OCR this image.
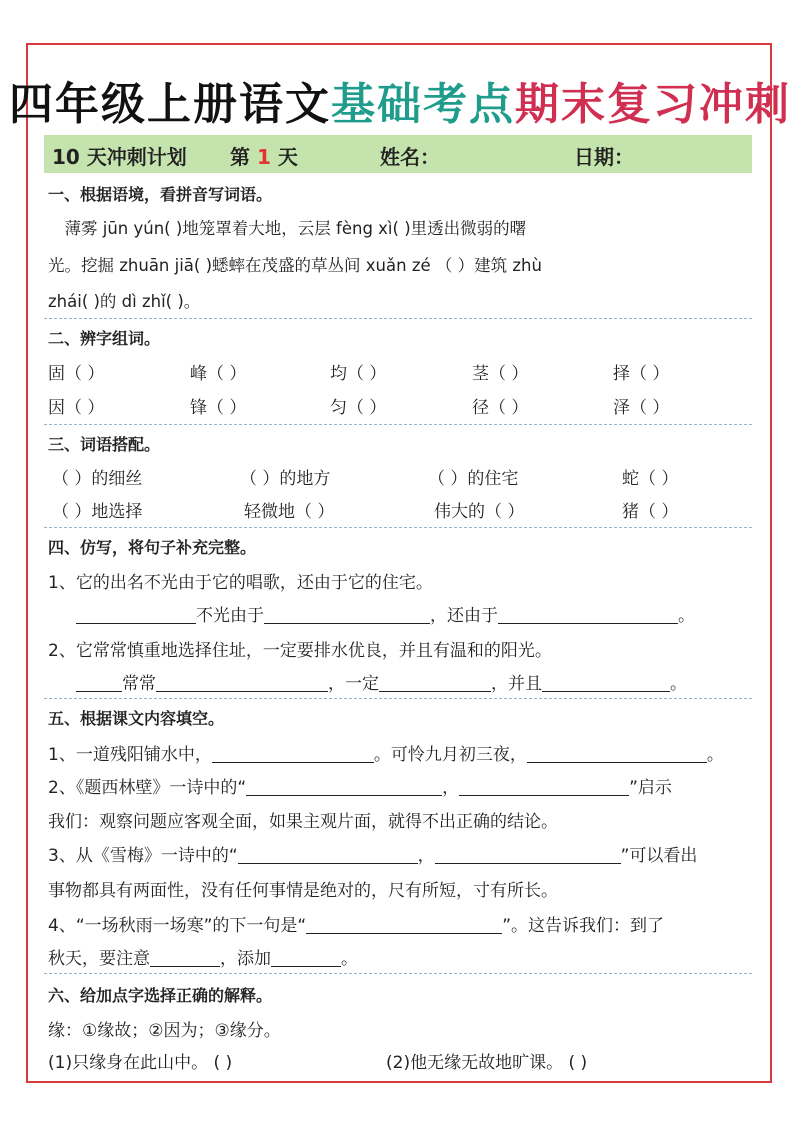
四年级上册语文基础考点期末复习冲刺
10 天冲刺计划 第 1 天	姓名：	日期：
一、根据语境，看拼音写词语。
　薄雾 jūn yún( )地笼罩着大地，云层 fèng xì( )里透出微弱的曙
光。挖掘 zhuān jiā( )蟋蟀在茂盛的草丛间 xuǎn zé （ ）建筑 zhù
zhái( )的 dì zhǐ( )。
二、辨字组词。
固（ ）	峰（ ）	均（ ）	茎（ ）	择（ ）
因（ ）	锋（ ）	匀（ ）	径（ ）	泽（ ）
三、词语搭配。
（ ）的细丝	（ ）的地方	（ ）的住宅	蛇（ ）
（ ）地选择	轻微地（ ）	伟大的（ ）	猪（ ）
四、仿写，将句子补充完整。
1、它的出名不光由于它的唱歌，还由于它的住宅。
不光由于	，还由于	。
2、它常常慎重地选择住址，一定要排水优良，并且有温和的阳光。
常常	，一定	，并且	。
五、根据课文内容填空。
1、一道残阳铺水中，	。可怜九月初三夜，	。
2、《题西林壁》一诗中的“	，	”启示
我们：观察问题应客观全面，如果主观片面，就得不出正确的结论。
3、从《雪梅》一诗中的“	，	”可以看出
事物都具有两面性，没有任何事情是绝对的，尺有所短，寸有所长。
4、“一场秋雨一场寒”的下一句是“	”。这告诉我们：到了
秋天，要注意	，添加	。
六、给加点字选择正确的解释。
缘：①缘故；②因为；③缘分。
(1)只缘身在此山中。 ( )	(2)他无缘无故地旷课。 ( )
